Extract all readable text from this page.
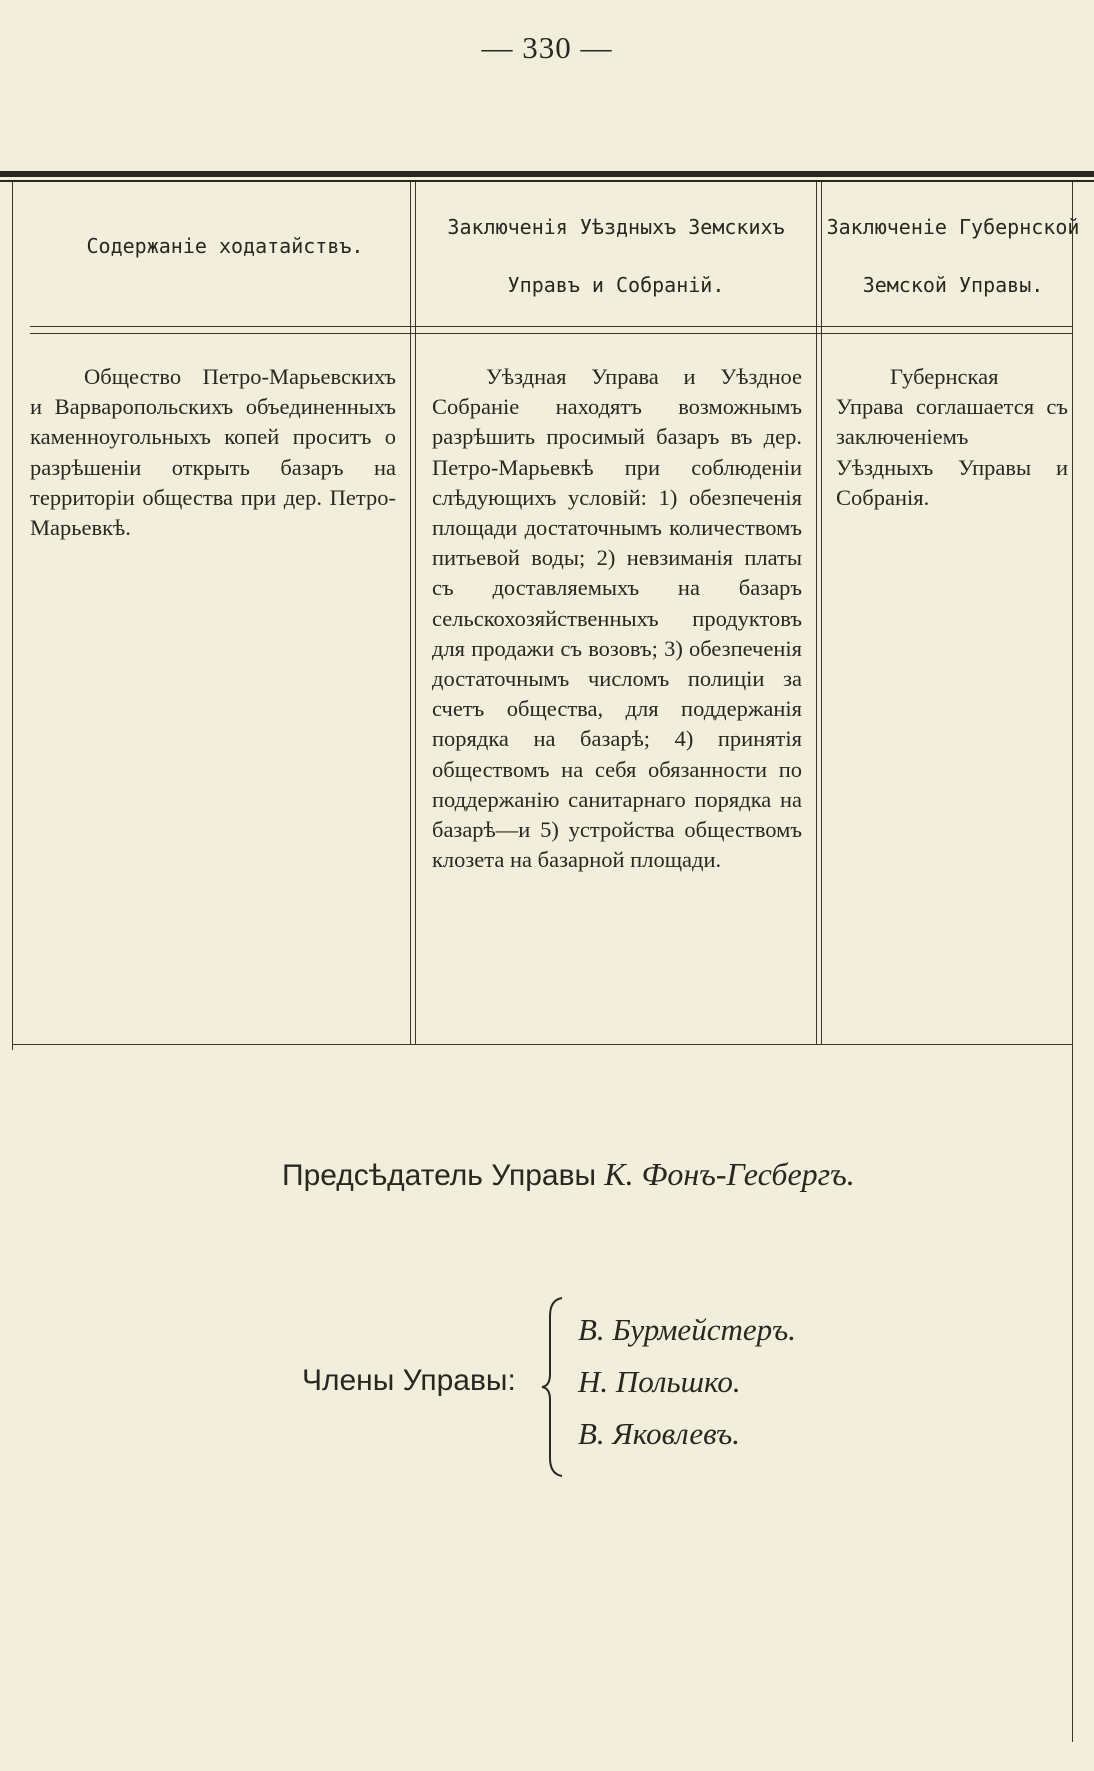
— 330 —
Содержаніе ходатайствъ.
Заключенія Уѣздныхъ Земскихъ Управъ и Собраній.
Заключеніе Губернской Земской Управы.
Общество Петро-Марьевскихъ и Варваропольскихъ объединенныхъ каменноугольныхъ копей проситъ о разрѣшеніи открыть базаръ на территоріи общества при дер. Петро-Марьевкѣ.
Уѣздная Управа и Уѣздное Собраніе находятъ возможнымъ разрѣшить просимый базаръ въ дер. Петро-Марьевкѣ при соблюденіи слѣдующихъ условій: 1) обезпеченія площади достаточнымъ количествомъ питьевой воды; 2) невзиманія платы съ доставляемыхъ на базаръ сельскохозяйственныхъ продуктовъ для продажи съ возовъ; 3) обезпеченія достаточнымъ числомъ полиціи за счетъ общества, для поддержанія порядка на базарѣ; 4) принятія обществомъ на себя обязанности по поддержанію санитарнаго порядка на базарѣ—и 5) устройства обществомъ клозета на базарной площади.
Губернская Управа соглашается съ заключеніемъ Уѣздныхъ Управы и Собранія.
Предсѣдатель Управы К. Фонъ-Гесбергъ.
Члены Управы:
В. Бурмейстеръ.
Н. Польшко.
В. Яковлевъ.
